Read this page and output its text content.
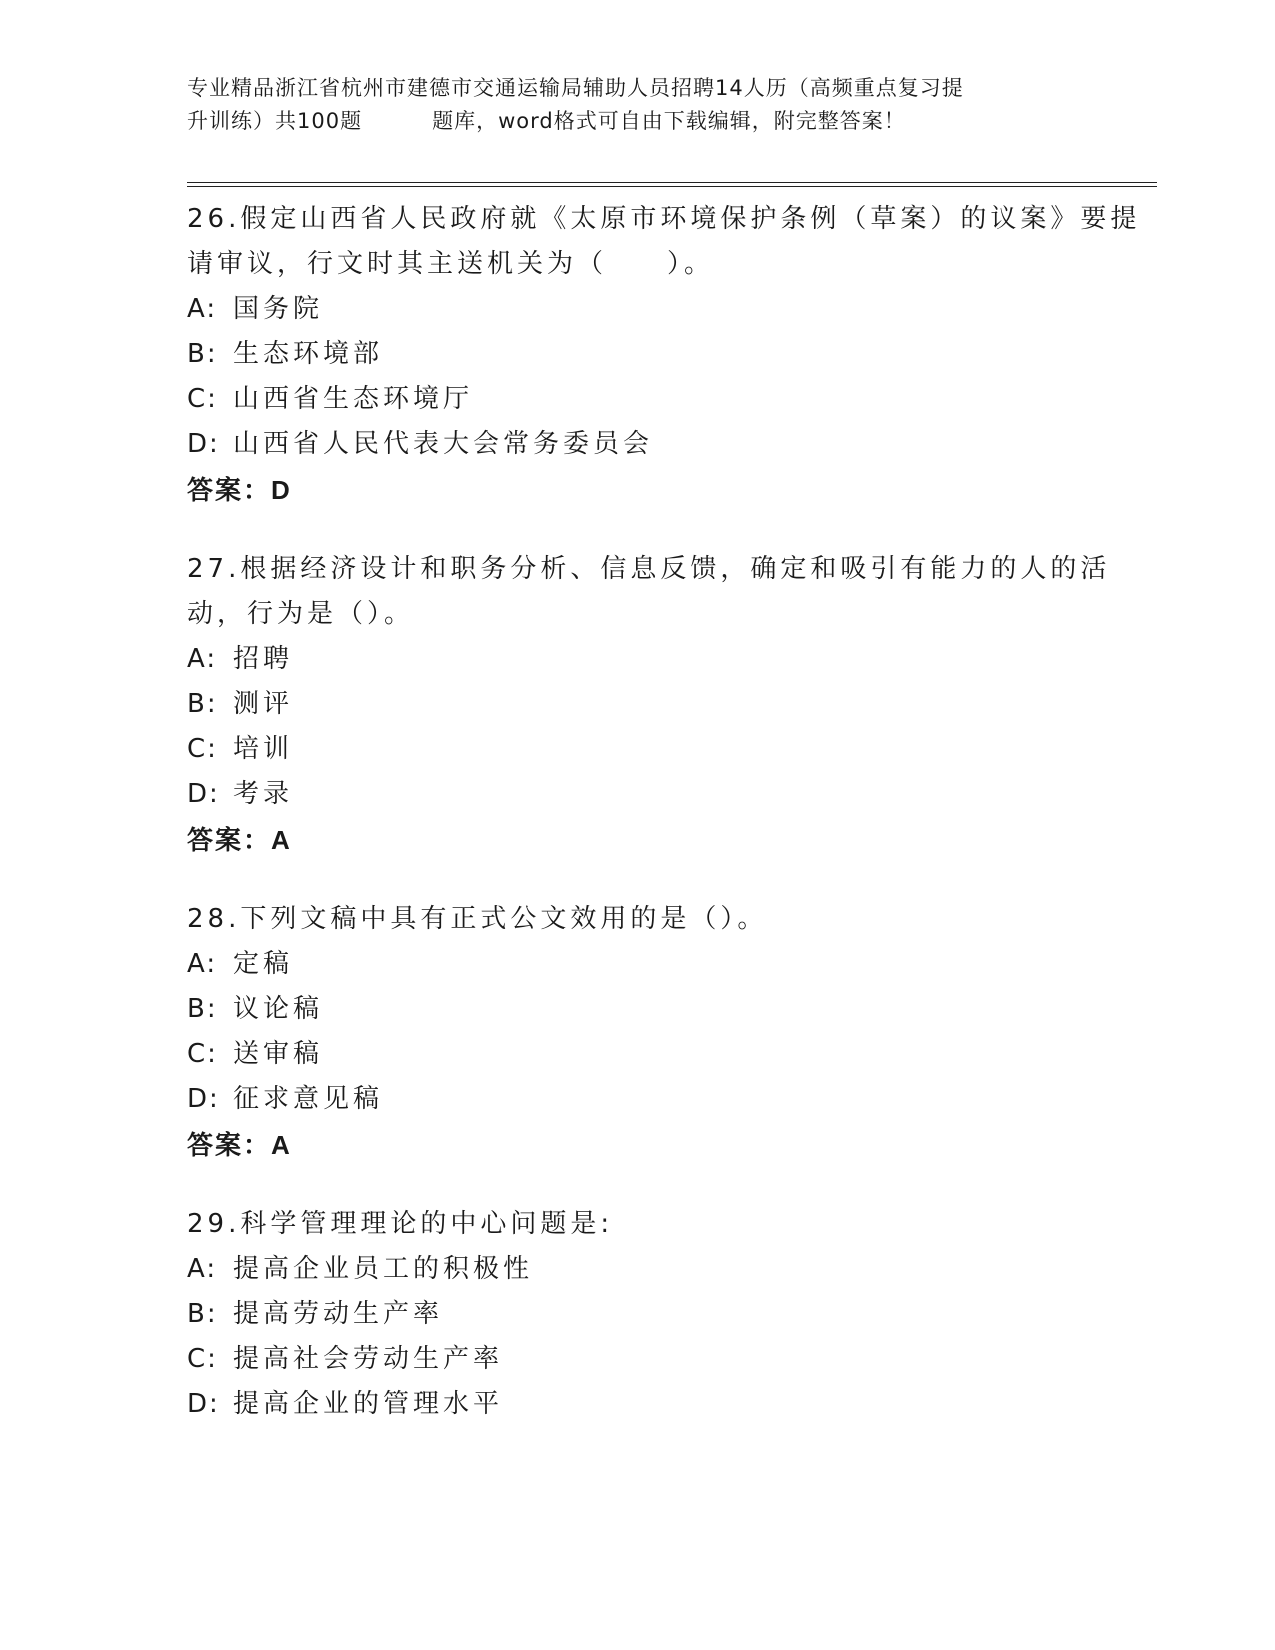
专业精品浙江省杭州市建德市交通运输局辅助人员招聘14人历（高频重点复习提
升训练）共100题	题库，word格式可自由下载编辑，附完整答案！
26.假定山西省人民政府就《太原市环境保护条例（草案）的议案》要提请审议，行文时其主送机关为（　　）。
A: 国务院
B: 生态环境部
C: 山西省生态环境厅
D: 山西省人民代表大会常务委员会
答案：D
27.根据经济设计和职务分析、信息反馈，确定和吸引有能力的人的活动，行为是（）。
A: 招聘
B: 测评
C: 培训
D: 考录
答案：A
28.下列文稿中具有正式公文效用的是（）。
A: 定稿
B: 议论稿
C: 送审稿
D: 征求意见稿
答案：A
29.科学管理理论的中心问题是:
A: 提高企业员工的积极性
B: 提高劳动生产率
C: 提高社会劳动生产率
D: 提高企业的管理水平
